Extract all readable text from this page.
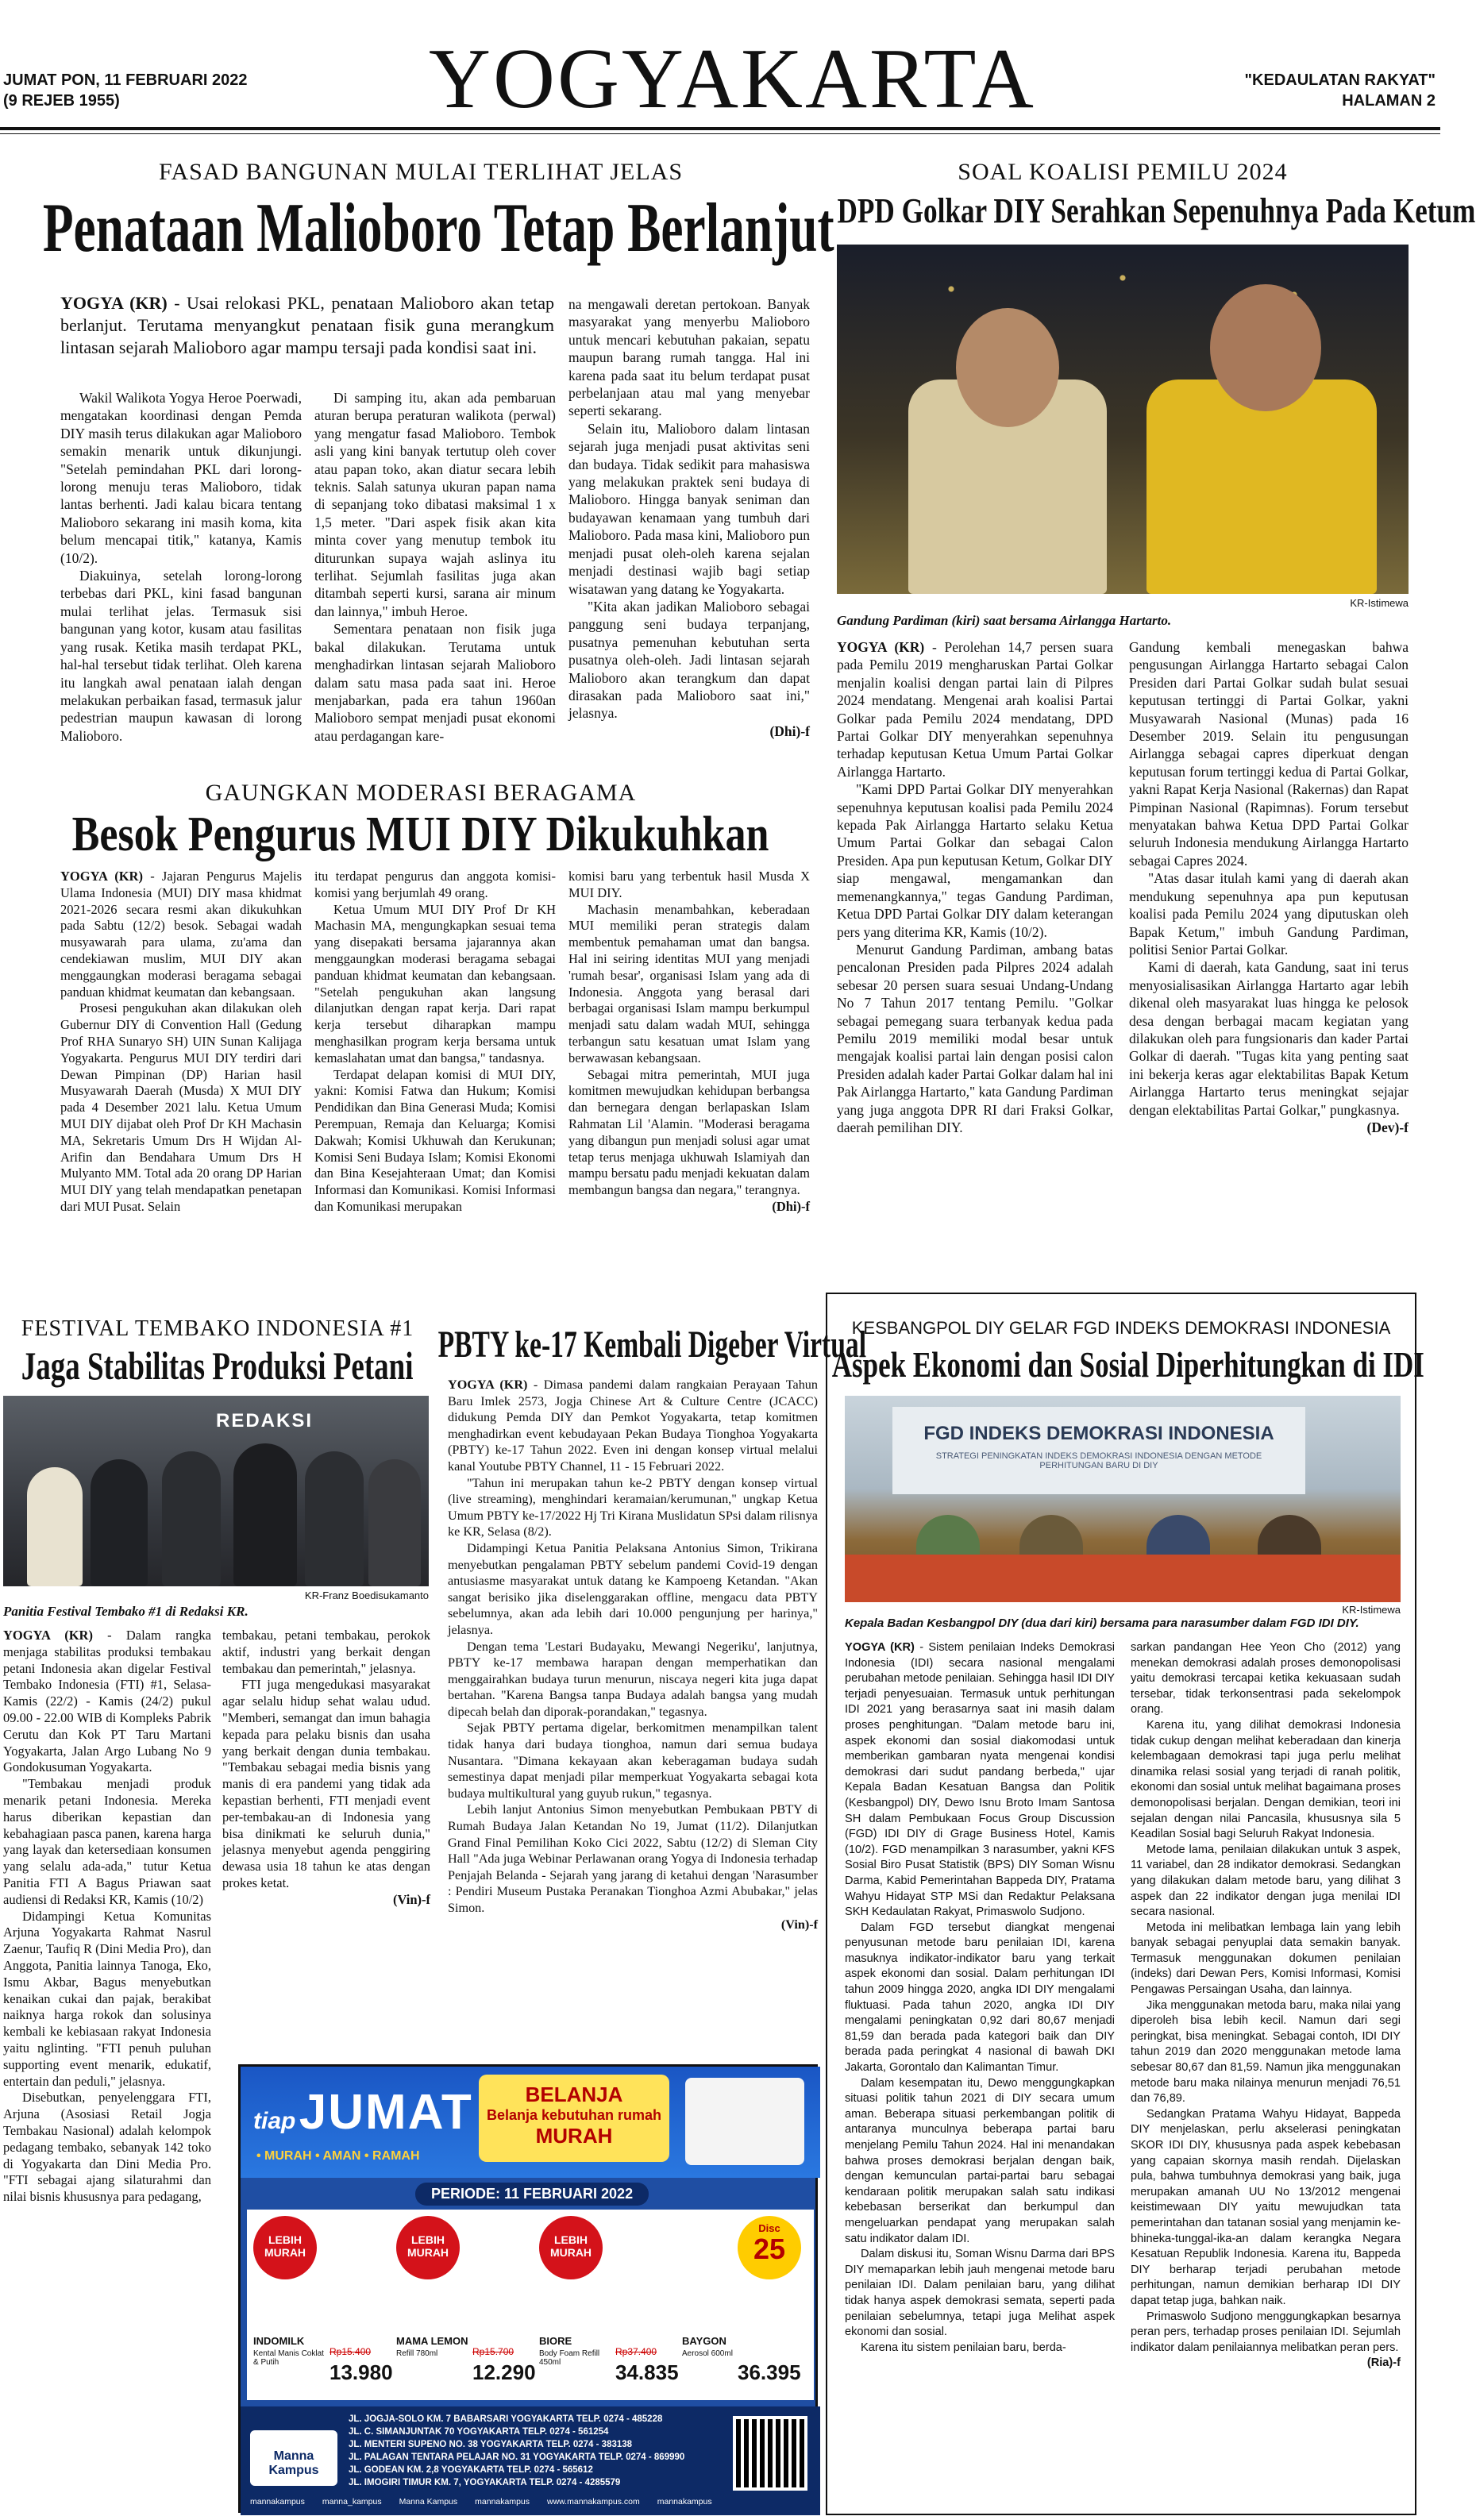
JUMAT PON, 11 FEBRUARI 2022
(9 REJEB 1955)	YOGYAKARTA	"KEDAULATAN RAKYAT"
HALAMAN 2
FASAD BANGUNAN MULAI TERLIHAT JELAS
Penataan Malioboro Tetap Berlanjut
YOGYA (KR) - Usai relokasi PKL, penataan Malioboro akan tetap berlanjut. Terutama menyangkut penataan fisik guna merangkum lintasan sejarah Malioboro agar mampu tersaji pada kondisi saat ini.

Wakil Walikota Yogya Heroe Poerwadi, mengatakan koordinasi dengan Pemda DIY masih terus dilakukan agar Malioboro semakin menarik untuk dikunjungi. "Setelah pemindahan PKL dari lorong-lorong menuju teras Malioboro, tidak lantas berhenti. Jadi kalau bicara tentang Malioboro sekarang ini masih koma, kita belum mencapai titik," katanya, Kamis (10/2).

Diakuinya, setelah lorong-lorong terbebas dari PKL, kini fasad bangunan mulai terlihat jelas. Termasuk sisi bangunan yang kotor, kusam atau fasilitas yang rusak. Ketika masih terdapat PKL, hal-hal tersebut tidak terlihat. Oleh karena itu langkah awal penataan ialah dengan melakukan perbaikan fasad, termasuk jalur pedestrian maupun kawasan di lorong Malioboro.

Di samping itu, akan ada pembaruan aturan berupa peraturan walikota (perwal) yang mengatur fasad Malioboro. Tembok asli yang kini banyak tertutup oleh cover atau papan toko, akan diatur secara lebih teknis. Salah satunya ukuran papan nama di sepanjang toko dibatasi maksimal 1 x 1,5 meter. "Dari aspek fisik akan kita minta cover yang menutup tembok itu diturunkan supaya wajah aslinya itu terlihat. Sejumlah fasilitas juga akan ditambah seperti kursi, sarana air minum dan lainnya," imbuh Heroe.

Sementara penataan non fisik juga bakal dilakukan. Terutama untuk menghadirkan lintasan sejarah Malioboro dalam satu masa pada saat ini. Heroe menjabarkan, pada era tahun 1960an Malioboro sempat menjadi pusat ekonomi atau perdagangan kare-

na mengawali deretan pertokoan. Banyak masyarakat yang menyerbu Malioboro untuk mencari kebutuhan pakaian, sepatu maupun barang rumah tangga. Hal ini karena pada saat itu belum terdapat pusat perbelanjaan atau mal yang menyebar seperti sekarang.

Selain itu, Malioboro dalam lintasan sejarah juga menjadi pusat aktivitas seni dan budaya. Tidak sedikit para mahasiswa yang melakukan praktek seni budaya di Malioboro. Hingga banyak seniman dan budayawan kenamaan yang tumbuh dari Malioboro. Pada masa kini, Malioboro pun menjadi pusat oleh-oleh karena sejalan menjadi destinasi wajib bagi setiap wisatawan yang datang ke Yogyakarta.

"Kita akan jadikan Malioboro sebagai panggung seni budaya terpanjang, pusatnya pemenuhan kebutuhan serta pusatnya oleh-oleh. Jadi lintasan sejarah Malioboro akan terangkum dan dapat dirasakan pada Malioboro saat ini," jelasnya.

(Dhi)-f
GAUNGKAN MODERASI BERAGAMA
Besok Pengurus MUI DIY Dikukuhkan

YOGYA (KR) - Jajaran Pengurus Majelis Ulama Indonesia (MUI) DIY masa khidmat 2021-2026 secara resmi akan dikukuhkan pada Sabtu (12/2) besok. Sebagai wadah musyawarah para ulama, zu'ama dan cendekiawan muslim, MUI DIY akan menggaungkan moderasi beragama sebagai panduan khidmat keumatan dan kebangsaan.

Prosesi pengukuhan akan dilakukan oleh Gubernur DIY di Convention Hall (Gedung Prof RHA Sunaryo SH) UIN Sunan Kalijaga Yogyakarta. Pengurus MUI DIY terdiri dari Dewan Pimpinan (DP) Harian hasil Musyawarah Daerah (Musda) X MUI DIY pada 4 Desember 2021 lalu. Ketua Umum MUI DIY dijabat oleh Prof Dr KH Machasin MA, Sekretaris Umum Drs H Wijdan Al-Arifin dan Bendahara Umum Drs H Mulyanto MM. Total ada 20 orang DP Harian MUI DIY yang telah mendapatkan penetapan dari MUI Pusat. Selain

itu terdapat pengurus dan anggota komisi-komisi yang berjumlah 49 orang.

Ketua Umum MUI DIY Prof Dr KH Machasin MA, mengungkapkan sesuai tema yang disepakati bersama jajarannya akan menggaungkan moderasi beragama sebagai panduan khidmat keumatan dan kebangsaan. "Setelah pengukuhan akan langsung dilanjutkan dengan rapat kerja. Dari rapat kerja tersebut diharapkan mampu menghasilkan program kerja bersama untuk kemaslahatan umat dan bangsa," tandasnya.

Terdapat delapan komisi di MUI DIY, yakni: Komisi Fatwa dan Hukum; Komisi Pendidikan dan Bina Generasi Muda; Komisi Perempuan, Remaja dan Keluarga; Komisi Dakwah; Komisi Ukhuwah dan Kerukunan; Komisi Seni Budaya Islam; Komisi Ekonomi dan Bina Kesejahteraan Umat; dan Komisi Informasi dan Komunikasi. Komisi Informasi dan Komunikasi merupakan

komisi baru yang terbentuk hasil Musda X MUI DIY.

Machasin menambahkan, keberadaan MUI memiliki peran strategis dalam membentuk pemahaman umat dan bangsa. Hal ini seiring identitas MUI yang menjadi 'rumah besar', organisasi Islam yang ada di Indonesia. Anggota yang berasal dari berbagai organisasi Islam mampu berkumpul menjadi satu dalam wadah MUI, sehingga terbangun satu kesatuan umat Islam yang berwawasan kebangsaan.

Sebagai mitra pemerintah, MUI juga komitmen mewujudkan kehidupan berbangsa dan bernegara dengan berlapaskan Islam Rahmatan Lil 'Alamin. "Moderasi beragama yang dibangun pun menjadi solusi agar umat tetap terus menjaga ukhuwah Islamiyah dan mampu bersatu padu menjadi kekuatan dalam membangun bangsa dan negara," terangnya.

(Dhi)-f
SOAL KOALISI PEMILU 2024
DPD Golkar DIY Serahkan Sepenuhnya Pada Ketum
KR-Istimewa
Gandung Pardiman (kiri) saat bersama Airlangga Hartarto.

YOGYA (KR) - Perolehan 14,7 persen suara pada Pemilu 2019 mengharuskan Partai Golkar menjalin koalisi dengan partai lain di Pilpres 2024 mendatang. Mengenai arah koalisi Partai Golkar pada Pemilu 2024 mendatang, DPD Partai Golkar DIY menyerahkan sepenuhnya terhadap keputusan Ketua Umum Partai Golkar Airlangga Hartarto.

"Kami DPD Partai Golkar DIY menyerahkan sepenuhnya keputusan koalisi pada Pemilu 2024 kepada Pak Airlangga Hartarto selaku Ketua Umum Partai Golkar dan sebagai Calon Presiden. Apa pun keputusan Ketum, Golkar DIY siap mengawal, mengamankan dan memenangkannya," tegas Gandung Pardiman, Ketua DPD Partai Golkar DIY dalam keterangan pers yang diterima KR, Kamis (10/2).

Menurut Gandung Pardiman, ambang batas pencalonan Presiden pada Pilpres 2024 adalah sebesar 20 persen suara sesuai Undang-Undang No 7 Tahun 2017 tentang Pemilu. "Golkar sebagai pemegang suara terbanyak kedua pada Pemilu 2019 memiliki modal besar untuk mengajak koalisi partai lain dengan posisi calon Presiden adalah kader Partai Golkar dalam hal ini Pak Airlangga Hartarto," kata Gandung Pardiman yang juga anggota DPR RI dari Fraksi Golkar, daerah pemilihan DIY.

Gandung kembali menegaskan bahwa pengusungan Airlangga Hartarto sebagai Calon Presiden dari Partai Golkar sudah bulat sesuai keputusan tertinggi di Partai Golkar, yakni Musyawarah Nasional (Munas) pada 16 Desember 2019. Selain itu pengusungan Airlangga sebagai capres diperkuat dengan keputusan forum tertinggi kedua di Partai Golkar, yakni Rapat Kerja Nasional (Rakernas) dan Rapat Pimpinan Nasional (Rapimnas). Forum tersebut menyatakan bahwa Ketua DPD Partai Golkar seluruh Indonesia mendukung Airlangga Hartarto sebagai Capres 2024.

"Atas dasar itulah kami yang di daerah akan mendukung sepenuhnya apa pun keputusan koalisi pada Pemilu 2024 yang diputuskan oleh Bapak Ketum," imbuh Gandung Pardiman, politisi Senior Partai Golkar.

Kami di daerah, kata Gandung, saat ini terus menyosialisasikan Airlangga Hartarto agar lebih dikenal oleh masyarakat luas hingga ke pelosok desa dengan berbagai macam kegiatan yang dilakukan oleh para fungsionaris dan kader Partai Golkar di daerah. "Tugas kita yang penting saat ini bekerja keras agar elektabilitas Bapak Ketum Airlangga Hartarto terus meningkat sejajar dengan elektabilitas Partai Golkar," pungkasnya.

(Dev)-f
FESTIVAL TEMBAKO INDONESIA #1
Jaga Stabilitas Produksi Petani
REDAKSI
KR-Franz Boedisukamanto
Panitia Festival Tembako #1 di Redaksi KR.

YOGYA (KR) - Dalam rangka menjaga stabilitas produksi tembakau petani Indonesia akan digelar Festival Tembako Indonesia (FTI) #1, Selasa-Kamis (22/2) - Kamis (24/2) pukul 09.00 - 22.00 WIB di Kompleks Pabrik Cerutu dan Kok PT Taru Martani Yogyakarta, Jalan Argo Lubang No 9 Gondokusuman Yogyakarta.

"Tembakau menjadi produk menarik petani Indonesia. Mereka harus diberikan kepastian dan kebahagiaan pasca panen, karena harga yang layak dan ketersediaan konsumen yang selalu ada-ada," tutur Ketua Panitia FTI A Bagus Priawan saat audiensi di Redaksi KR, Kamis (10/2)

Didampingi Ketua Komunitas Arjuna Yogyakarta Rahmat Nasrul Zaenur, Taufiq R (Dini Media Pro), dan Anggota, Panitia lainnya Tanoga, Eko, Ismu Akbar, Bagus menyebutkan kenaikan cukai dan pajak, berakibat naiknya harga rokok dan solusinya kembali ke kebiasaan rakyat Indonesia yaitu nglinting. "FTI penuh puluhan supporting event menarik, edukatif, entertain dan peduli," jelasnya.

Disebutkan, penyelenggara FTI, Arjuna (Asosiasi Retail Jogja Tembakau Nasional) adalah kelompok pedagang tembako, sebanyak 142 toko di Yogyakarta dan Dini Media Pro. "FTI sebagai ajang silaturahmi dan nilai bisnis khususnya para pedagang,

tembakau, petani tembakau, perokok aktif, industri yang berkait dengan tembakau dan pemerintah," jelasnya.

FTI juga mengedukasi masyarakat agar selalu hidup sehat walau udud. "Memberi, semangat dan imun bahagia kepada para pelaku bisnis dan usaha yang berkait dengan dunia tembakau. "Tembakau sebagai media bisnis yang manis di era pandemi yang tidak ada kepastian berhenti, FTI menjadi event per-tembakau-an di Indonesia yang bisa dinikmati ke seluruh dunia," jelasnya menyebut agenda penggiring dewasa usia 18 tahun ke atas dengan prokes ketat.

(Vin)-f
PBTY ke-17 Kembali Digeber Virtual

YOGYA (KR) - Dimasa pandemi dalam rangkaian Perayaan Tahun Baru Imlek 2573, Jogja Chinese Art & Culture Centre (JCACC) didukung Pemda DIY dan Pemkot Yogyakarta, tetap komitmen menghadirkan event kebudayaan Pekan Budaya Tionghoa Yogyakarta (PBTY) ke-17 Tahun 2022. Even ini dengan konsep virtual melalui kanal Youtube PBTY Channel, 11 - 15 Februari 2022.

"Tahun ini merupakan tahun ke-2 PBTY dengan konsep virtual (live streaming), menghindari keramaian/kerumunan," ungkap Ketua Umum PBTY ke-17/2022 Hj Tri Kirana Muslidatun SPsi dalam rilisnya ke KR, Selasa (8/2).

Didampingi Ketua Panitia Pelaksana Antonius Simon, Trikirana menyebutkan pengalaman PBTY sebelum pandemi Covid-19 dengan antusiasme masyarakat untuk datang ke Kampoeng Ketandan. "Akan sangat berisiko jika diselenggarakan offline, mengacu data PBTY sebelumnya, akan ada lebih dari 10.000 pengunjung per harinya," jelasnya.

Dengan tema 'Lestari Budayaku, Mewangi Negeriku', lanjutnya, PBTY ke-17 membawa harapan dengan memperhatikan dan menggairahkan budaya turun menurun, niscaya negeri kita juga dapat bertahan. "Karena Bangsa tanpa Budaya adalah bangsa yang mudah dipecah belah dan diporak-porandakan," tegasnya.

Sejak PBTY pertama digelar, berkomitmen menampilkan talent tidak hanya dari budaya tionghoa, namun dari semua budaya Nusantara. "Dimana kekayaan akan keberagaman budaya sudah semestinya dapat menjadi pilar memperkuat Yogyakarta sebagai kota budaya multikultural yang guyub rukun," tegasnya.

Lebih lanjut Antonius Simon menyebutkan Pembukaan PBTY di Rumah Budaya Jalan Ketandan No 19, Jumat (11/2). Dilanjutkan Grand Final Pemilihan Koko Cici 2022, Sabtu (12/2) di Sleman City Hall "Ada juga Webinar Perlawanan orang Yogya di Indonesia terhadap Penjajah Belanda - Sejarah yang jarang di ketahui dengan 'Narasumber : Pendiri Museum Pustaka Peranakan Tionghoa Azmi Abubakar," jelas Simon.

(Vin)-f
tiap JUMAT
• MURAH • AMAN • RAMAH
BELANJA
Belanja kebutuhan rumah
MURAH
PERIODE: 11 FEBRUARI 2022
LEBIH MURAH
INDOMILK
Kental Manis Coklat & Putih
Rp15.400
13.980
LEBIH MURAH
MAMA LEMON
Refill 780ml	Rp15.700
12.290
LEBIH MURAH
BIORE
Body Foam Refill 450ml
Rp37.400
34.835
Disc
25
BAYGON
Aerosol 600ml
36.395
Manna Kampus
JL. JOGJA-SOLO KM. 7 BABARSARI YOGYAKARTA TELP. 0274 - 485228
JL. C. SIMANJUNTAK 70 YOGYAKARTA TELP. 0274 - 561254
JL. MENTERI SUPENO NO. 38 YOGYAKARTA TELP. 0274 - 383138
JL. PALAGAN TENTARA PELAJAR NO. 31 YOGYAKARTA TELP. 0274 - 869990
JL. GODEAN KM. 2,8 YOGYAKARTA TELP. 0274 - 565612
JL. IMOGIRI TIMUR KM. 7, YOGYAKARTA TELP. 0274 - 4285579
mannakampus manna_kampus Manna Kampus mannakampus www.mannakampus.com mannakampus
KESBANGPOL DIY GELAR FGD INDEKS DEMOKRASI INDONESIA
Aspek Ekonomi dan Sosial Diperhitungkan di IDI
FGD INDEKS DEMOKRASI INDONESIA
STRATEGI PENINGKATAN INDEKS DEMOKRASI INDONESIA DENGAN METODE PERHITUNGAN BARU DI DIY
KR-Istimewa
Kepala Badan Kesbangpol DIY (dua dari kiri) bersama para narasumber dalam FGD IDI DIY.

YOGYA (KR) - Sistem penilaian Indeks Demokrasi Indonesia (IDI) secara nasional mengalami perubahan metode penilaian. Sehingga hasil IDI DIY terjadi penyesuaian. Termasuk untuk perhitungan IDI 2021 yang berasarnya saat ini masih dalam proses penghitungan. "Dalam metode baru ini, aspek ekonomi dan sosial diakomodasi untuk memberikan gambaran nyata mengenai kondisi demokrasi dari sudut pandang berbeda," ujar Kepala Badan Kesatuan Bangsa dan Politik (Kesbangpol) DIY, Dewo Isnu Broto Imam Santosa SH dalam Pembukaan Focus Group Discussion (FGD) IDI DIY di Grage Business Hotel, Kamis (10/2). FGD menampilkan 3 narasumber, yakni KFS Sosial Biro Pusat Statistik (BPS) DIY Soman Wisnu Darma, Kabid Pemerintahan Bappeda DIY, Pratama Wahyu Hidayat STP MSi dan Redaktur Pelaksana SKH Kedaulatan Rakyat, Primaswolo Sudjono.

Dalam FGD tersebut diangkat mengenai penyusunan metode baru penilaian IDI, karena masuknya indikator-indikator baru yang terkait aspek ekonomi dan sosial. Dalam perhitungan IDI tahun 2009 hingga 2020, angka IDI DIY mengalami fluktuasi. Pada tahun 2020, angka IDI DIY mengalami peningkatan 0,92 dari 80,67 menjadi 81,59 dan berada pada kategori baik dan DIY berada pada peringkat 4 nasional di bawah DKI Jakarta, Gorontalo dan Kalimantan Timur.

Dalam kesempatan itu, Dewo menggungkapkan situasi politik tahun 2021 di DIY secara umum aman. Beberapa situasi perkembangan politik di antaranya munculnya beberapa partai baru menjelang Pemilu Tahun 2024. Hal ini menandakan bahwa proses demokrasi berjalan dengan baik, dengan kemunculan partai-partai baru sebagai kendaraan politik merupakan salah satu indikasi kebebasan berserikat dan berkumpul dan mengeluarkan pendapat yang merupakan salah satu indikator dalam IDI.

Dalam diskusi itu, Soman Wisnu Darma dari BPS DIY memaparkan lebih jauh mengenai metode baru penilaian IDI. Dalam penilaian baru, yang dilihat tidak hanya aspek demokrasi semata, seperti pada penilaian sebelumnya, tetapi juga Melihat aspek ekonomi dan sosial.

Karena itu sistem penilaian baru, berda-

sarkan pandangan Hee Yeon Cho (2012) yang menekan demokrasi adalah proses demonopolisasi yaitu demokrasi tercapai ketika kekuasaan sudah tersebar, tidak terkonsentrasi pada sekelompok orang.

Karena itu, yang dilihat demokrasi Indonesia tidak cukup dengan melihat keberadaan dan kinerja kelembagaan demokrasi tapi juga perlu melihat dinamika relasi sosial yang terjadi di ranah politik, ekonomi dan sosial untuk melihat bagaimana proses demonopolisasi berjalan. Dengan demikian, teori ini sejalan dengan nilai Pancasila, khususnya sila 5 Keadilan Sosial bagi Seluruh Rakyat Indonesia.

Metode lama, penilaian dilakukan untuk 3 aspek, 11 variabel, dan 28 indikator demokrasi. Sedangkan yang dilakukan dalam metode baru, yang dilihat 3 aspek dan 22 indikator dengan juga menilai IDI secara nasional.

Metoda ini melibatkan lembaga lain yang lebih banyak sebagai penyuplai data semakin banyak. Termasuk menggunakan dokumen penilaian (indeks) dari Dewan Pers, Komisi Informasi, Komisi Pengawas Persaingan Usaha, dan lainnya.

Jika menggunakan metoda baru, maka nilai yang diperoleh bisa lebih kecil. Namun dari segi peringkat, bisa meningkat. Sebagai contoh, IDI DIY tahun 2019 dan 2020 menggunakan metode lama sebesar 80,67 dan 81,59. Namun jika menggunakan metode baru maka nilainya menurun menjadi 76,51 dan 76,89.

Sedangkan Pratama Wahyu Hidayat, Bappeda DIY menjelaskan, perlu akselerasi peningkatan SKOR IDI DIY, khususnya pada aspek kebebasan yang capaian skornya masih rendah. Dijelaskan pula, bahwa tumbuhnya demokrasi yang baik, juga merupakan amanah UU No 13/2012 mengenai keistimewaan DIY yaitu mewujudkan tata pemerintahan dan tatanan sosial yang menjamin ke-bhineka-tunggal-ika-an dalam kerangka Negara Kesatuan Republik Indonesia. Karena itu, Bappeda DIY berharap terjadi perubahan metode perhitungan, namun demikian berharap IDI DIY dapat tetap juga, bahkan naik.

Primaswolo Sudjono menggungkapkan besarnya peran pers, terhadap proses penilaian IDI. Sejumlah indikator dalam penilaiannya melibatkan peran pers.

(Ria)-f
